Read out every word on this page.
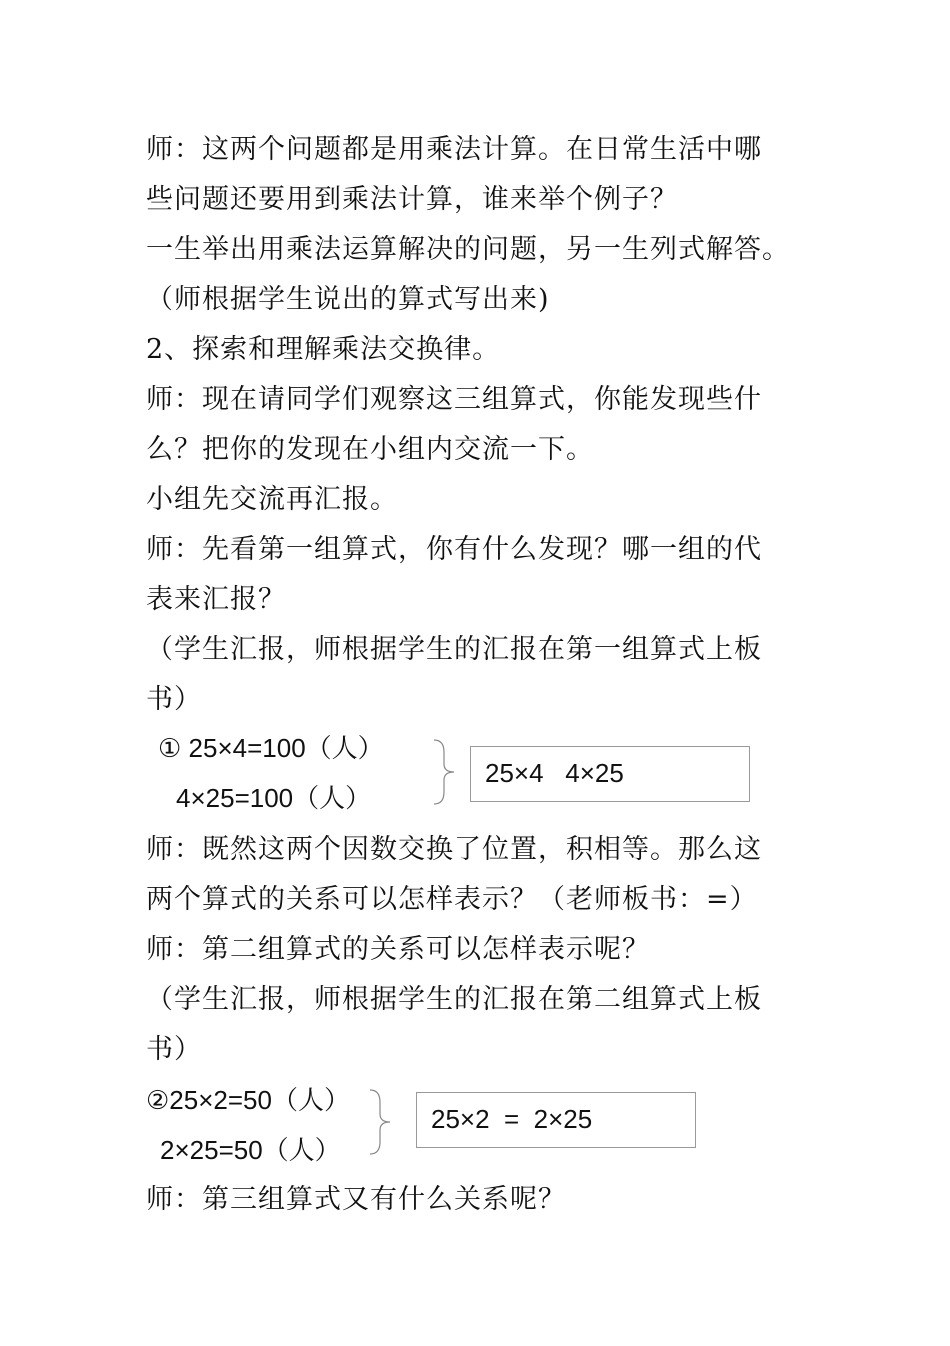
师：这两个问题都是用乘法计算。在日常生活中哪
些问题还要用到乘法计算，谁来举个例子？
一生举出用乘法运算解决的问题，另一生列式解答。
（师根据学生说出的算式写出来)
2、探索和理解乘法交换律。
师：现在请同学们观察这三组算式，你能发现些什
么？把你的发现在小组内交流一下。
小组先交流再汇报。
师：先看第一组算式，你有什么发现？哪一组的代
表来汇报？
（学生汇报，师根据学生的汇报在第一组算式上板
书）
① 25×4=100（人）
4×25=100（人）
25×4   4×25
师：既然这两个因数交换了位置，积相等。那么这
两个算式的关系可以怎样表示？（老师板书：=）
师：第二组算式的关系可以怎样表示呢？
（学生汇报，师根据学生的汇报在第二组算式上板
书）
②25×2=50（人）
2×25=50（人）
25×2  =  2×25
师：第三组算式又有什么关系呢？
